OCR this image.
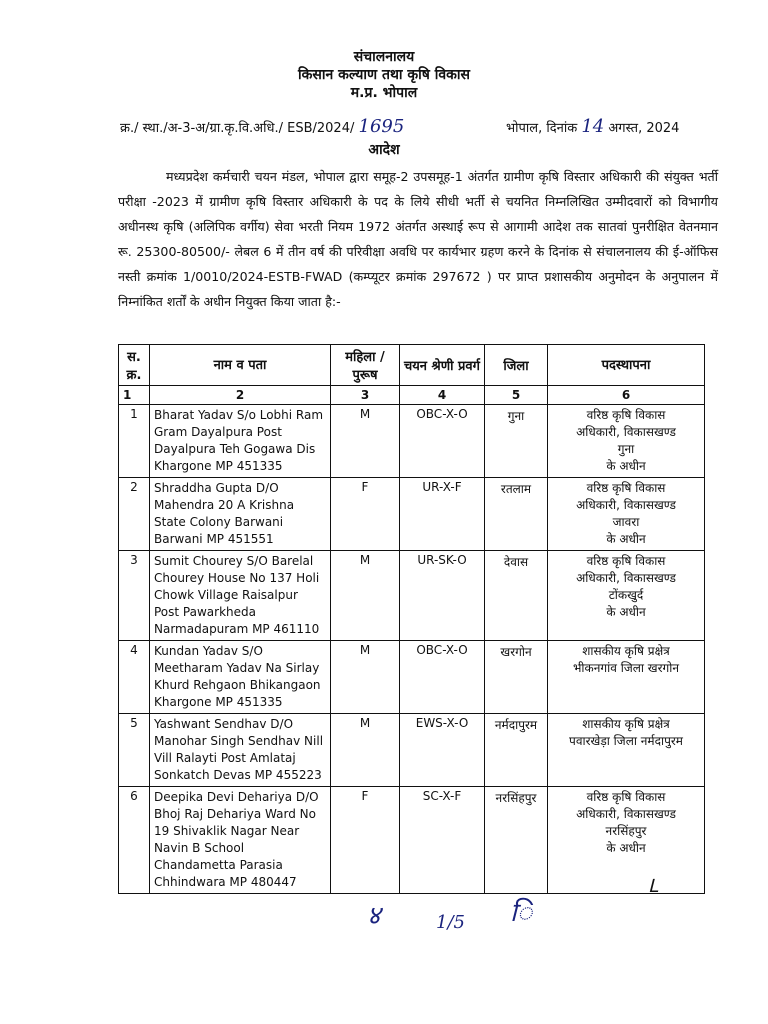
संचालनालय
किसान कल्याण तथा कृषि विकास
म.प्र. भोपाल
क्र./ स्था./अ-3-अ/ग्रा.कृ.वि.अधि./ ESB/2024/ 1695	भोपाल, दिनांक 14 अगस्त, 2024
आदेश
मध्यप्रदेश कर्मचारी चयन मंडल, भोपाल द्वारा समूह-2 उपसमूह-1 अंतर्गत ग्रामीण कृषि विस्तार अधिकारी की संयुक्त भर्ती परीक्षा -2023 में ग्रामीण कृषि विस्तार अधिकारी के पद के लिये सीधी भर्ती से चयनित निम्नलिखित उम्मीदवारों को विभागीय अधीनस्थ कृषि (अलिपिक वर्गीय) सेवा भरती नियम 1972 अंतर्गत अस्थाई रूप से आगामी आदेश तक सातवां पुनरीक्षित वेतनमान रू. 25300-80500/- लेबल 6 में तीन वर्ष की परिवीक्षा अवधि पर कार्यभार ग्रहण करने के दिनांक से संचालनालय की ई-ऑफिस नस्ती क्रमांक 1/0010/2024-ESTB-FWAD (कम्प्यूटर क्रमांक 297672 ) पर प्राप्त प्रशासकीय अनुमोदन के अनुपालन में निम्नांकित शर्तों के अधीन नियुक्त किया जाता है:-
स. क्र.	नाम व पता	महिला / पुरूष	चयन श्रेणी प्रवर्ग	जिला	पदस्थापना
1	2	3	4	5	6
1	Bharat Yadav S/o Lobhi Ram Gram Dayalpura Post Dayalpura Teh Gogawa Dis Khargone MP 451335	M	OBC-X-O	गुना	वरिष्ठ कृषि विकास
अधिकारी, विकासखण्ड
गुना
के अधीन

2	Shraddha Gupta D/O Mahendra 20 A Krishna State Colony Barwani Barwani MP 451551	F	UR-X-F	रतलाम	वरिष्ठ कृषि विकास
अधिकारी, विकासखण्ड
जावरा
के अधीन

3	Sumit Chourey S/O Barelal Chourey House No 137 Holi Chowk Village Raisalpur Post Pawarkheda Narmadapuram MP 461110	M	UR-SK-O	देवास	वरिष्ठ कृषि विकास
अधिकारी, विकासखण्ड
टोंकखुर्द
के अधीन

4	Kundan Yadav S/O Meetharam Yadav Na Sirlay Khurd Rehgaon Bhikangaon Khargone MP 451335	M	OBC-X-O	खरगोन	शासकीय कृषि प्रक्षेत्र
भीकनगांव जिला खरगोन

5	Yashwant Sendhav D/O Manohar Singh Sendhav Nill Vill Ralayti Post Amlataj Sonkatch Devas MP 455223	M	EWS-X-O	नर्मदापुरम	शासकीय कृषि प्रक्षेत्र
पवारखेड़ा जिला नर्मदापुरम

6	Deepika Devi Dehariya D/O Bhoj Raj Dehariya Ward No 19 Shivaklik Nagar Near Navin B School Chandametta Parasia Chhindwara MP 480447	F	SC-X-F	नरसिंहपुर	वरिष्ठ कृषि विकास
अधिकारी, विकासखण्ड
नरसिंहपुर
के अधीन
४	1/5 ि
ᒪ
